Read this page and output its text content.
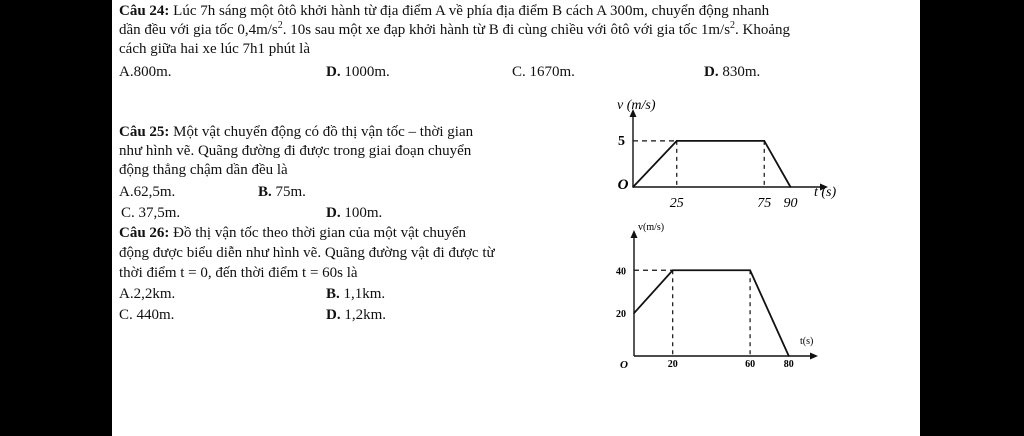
Câu 24: Lúc 7h sáng một ôtô khởi hành từ địa điểm A về phía địa điểm B cách A 300m, chuyển động nhanh
dần đều với gia tốc $0,4m/s^2$. 10s sau một xe đạp khởi hành từ B đi cùng chiều với ôtô với gia tốc $1m/s^2$. Khoảng
cách giữa hai xe lúc 7h1 phút là
A.800m.	D. 1000m.	C. 1670m.	D. 830m.
Câu 25: Một vật chuyển động có đồ thị vận tốc – thời gian
như hình vẽ. Quãng đường đi được trong giai đoạn chuyển
động thẳng chậm dần đều là
A.62,5m.	B. 75m.
C. 37,5m.	D. 100m.
Câu 26: Đồ thị vận tốc theo thời gian của một vật chuyển
động được biểu diễn như hình vẽ. Quãng đường vật đi được từ
thời điểm t = 0, đến thời điểm t = 60s là
A.2,2km.	B. 1,1km.
C. 440m.	D. 1,2km.
25	75 90
5
O
v (m/s)
t (s)
20	60	80
40
20
O
v(m/s)
t(s)
